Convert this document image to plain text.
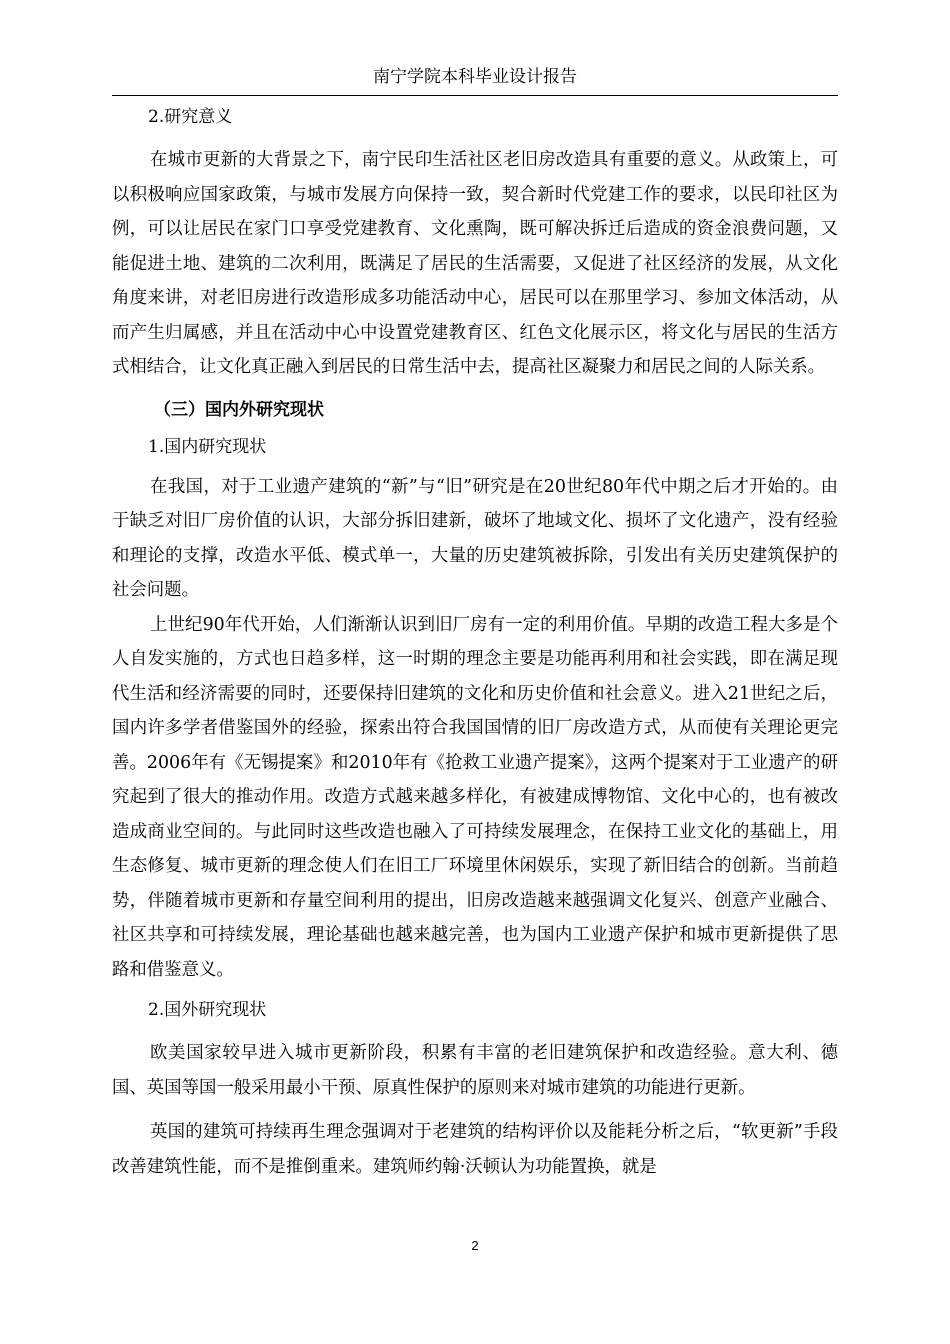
南宁学院本科毕业设计报告

2.研究意义

在城市更新的大背景之下，南宁民印生活社区老旧房改造具有重要的意义。从政策上，可以积极响应国家政策，与城市发展方向保持一致，契合新时代党建工作的要求，以民印社区为例，可以让居民在家门口享受党建教育、文化熏陶，既可解决拆迁后造成的资金浪费问题，又能促进土地、建筑的二次利用，既满足了居民的生活需要，又促进了社区经济的发展，从文化角度来讲，对老旧房进行改造形成多功能活动中心，居民可以在那里学习、参加文体活动，从而产生归属感，并且在活动中心中设置党建教育区、红色文化展示区，将文化与居民的生活方式相结合，让文化真正融入到居民的日常生活中去，提高社区凝聚力和居民之间的人际关系。

（三）国内外研究现状

1.国内研究现状

在我国，对于工业遗产建筑的“新”与“旧”研究是在20世纪80年代中期之后才开始的。由于缺乏对旧厂房价值的认识，大部分拆旧建新，破坏了地域文化、损坏了文化遗产，没有经验和理论的支撑，改造水平低、模式单一，大量的历史建筑被拆除，引发出有关历史建筑保护的社会问题。

上世纪90年代开始，人们渐渐认识到旧厂房有一定的利用价值。早期的改造工程大多是个人自发实施的，方式也日趋多样，这一时期的理念主要是功能再利用和社会实践，即在满足现代生活和经济需要的同时，还要保持旧建筑的文化和历史价值和社会意义。进入21世纪之后，国内许多学者借鉴国外的经验，探索出符合我国国情的旧厂房改造方式，从而使有关理论更完善。2006年有《无锡提案》和2010年有《抢救工业遗产提案》，这两个提案对于工业遗产的研究起到了很大的推动作用。改造方式越来越多样化，有被建成博物馆、文化中心的，也有被改造成商业空间的。与此同时这些改造也融入了可持续发展理念，在保持工业文化的基础上，用生态修复、城市更新的理念使人们在旧工厂环境里休闲娱乐，实现了新旧结合的创新。当前趋势，伴随着城市更新和存量空间利用的提出，旧房改造越来越强调文化复兴、创意产业融合、社区共享和可持续发展，理论基础也越来越完善，也为国内工业遗产保护和城市更新提供了思路和借鉴意义。

2.国外研究现状

欧美国家较早进入城市更新阶段，积累有丰富的老旧建筑保护和改造经验。意大利、德国、英国等国一般采用最小干预、原真性保护的原则来对城市建筑的功能进行更新。

英国的建筑可持续再生理念强调对于老建筑的结构评价以及能耗分析之后，“软更新”手段改善建筑性能，而不是推倒重来。建筑师约翰·沃顿认为功能置换，就是

2
